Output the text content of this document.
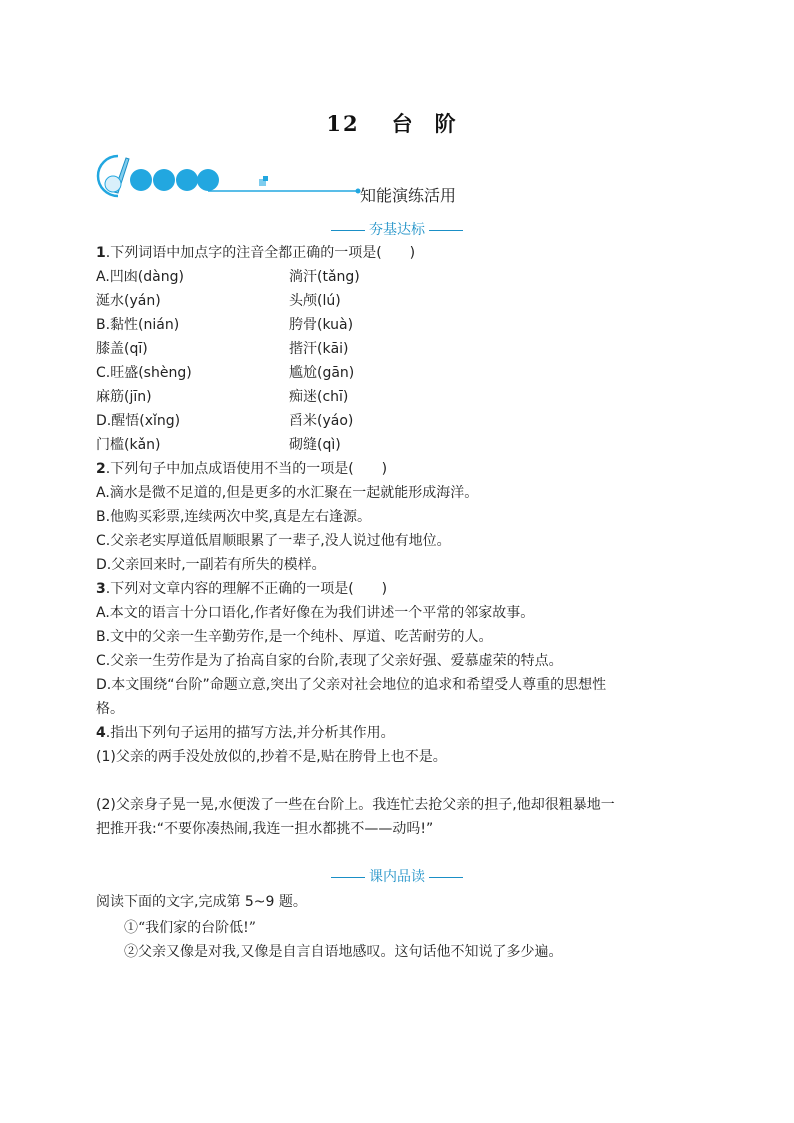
12 台 阶
知能演练活用
夯基达标
1.下列词语中加点字的注音全都正确的一项是(　　)
A.凹凼(dàng)	淌汗(tǎng)
涎水(yán)	头颅(lú)
B.黏性(nián)	胯骨(kuà)
膝盖(qī)	揩汗(kāi)
C.旺盛(shèng)	尴尬(gān)
麻筋(jīn)	痴迷(chī)
D.醒悟(xǐng)	舀米(yáo)
门槛(kǎn)	砌缝(qì)
2.下列句子中加点成语使用不当的一项是(　　)
A.滴水是微不足道的,但是更多的水汇聚在一起就能形成海洋。
B.他购买彩票,连续两次中奖,真是左右逢源。
C.父亲老实厚道低眉顺眼累了一辈子,没人说过他有地位。
D.父亲回来时,一副若有所失的模样。
3.下列对文章内容的理解不正确的一项是(　　)
A.本文的语言十分口语化,作者好像在为我们讲述一个平常的邻家故事。
B.文中的父亲一生辛勤劳作,是一个纯朴、厚道、吃苦耐劳的人。
C.父亲一生劳作是为了抬高自家的台阶,表现了父亲好强、爱慕虚荣的特点。
D.本文围绕“台阶”命题立意,突出了父亲对社会地位的追求和希望受人尊重的思想性
格。
4.指出下列句子运用的描写方法,并分析其作用。
(1)父亲的两手没处放似的,抄着不是,贴在胯骨上也不是。
(2)父亲身子晃一晃,水便泼了一些在台阶上。我连忙去抢父亲的担子,他却很粗暴地一
把推开我:“不要你凑热闹,我连一担水都挑不——动吗!”
课内品读
阅读下面的文字,完成第 5~9 题。
①“我们家的台阶低!”
②父亲又像是对我,又像是自言自语地感叹。这句话他不知说了多少遍。
